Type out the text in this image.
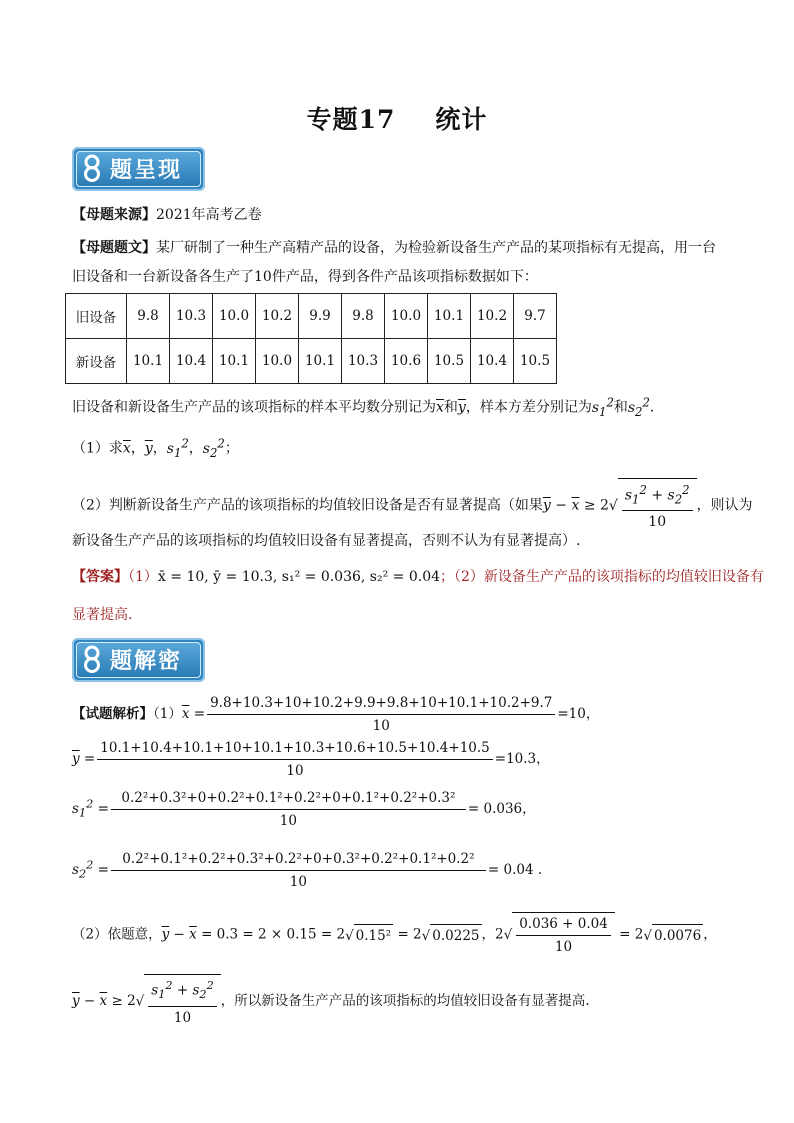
专题17 统计
题呈现
【母题来源】2021年高考乙卷
【母题题文】某厂研制了一种生产高精产品的设备，为检验新设备生产产品的某项指标有无提高，用一台
旧设备和一台新设备各生产了10件产品，得到各件产品该项指标数据如下：
旧设备	9.8	10.3	10.0	10.2	9.9	9.8	10.0	10.1	10.2	9.7
新设备	10.1	10.4	10.1	10.0	10.1	10.3	10.6	10.5	10.4	10.5
旧设备和新设备生产产品的该项指标的样本平均数分别记为$\overline{x}$和$\overline{y}$，样本方差分别记为$s_1^2$和$s_2^2$.
（1）求$\overline{x}$，$\overline{y}$，$s_1^2$，$s_2^2$；
（2）判断新设备生产产品的该项指标的均值较旧设备是否有显著提高（如果$\overline{y} - \overline{x} \ge 2√ \frac{s_1^2 + s_2^2}{10}$ ，则认为
新设备生产产品的该项指标的均值较旧设备有显著提高，否则不认为有显著提高）.
【答案】（1）x̄ = 10, ȳ = 10.3, s₁² = 0.036, s₂² = 0.04；（2）新设备生产产品的该项指标的均值较旧设备有
显著提高.
题解密
【试题解析】$(1)\overline{x} = \frac{9.8+10.3+10+10.2+9.9+9.8+10+10.1+10.2+9.7}{10} =10$，
$\overline{y} = \frac{10.1+10.4+10.1+10+10.1+10.3+10.6+10.5+10.4+10.5}{10} =10.3$，
$s_1^2 = \frac{\text{0.2²+0.3²+0+0.2²+0.1²+0.2²+0+0.1²+0.2²+0.3²}}{10} = 0.036$，
$s_2^2 = \frac{\text{0.2²+0.1²+0.2²+0.3²+0.2²+0+0.3²+0.2²+0.1²+0.2²}}{10} = 0.04$ .
（2）依题意，$\overline{y} - \overline{x} = 0.3 = 2 \times 0.15 = 2√$ 0.15² = 2√ 0.0225 ，$2√ \frac{0.036 + 0.04}{10} = 2√$ 0.0076 ，
$\overline{y} - \overline{x} \ge 2√ \frac{s_1^2 + s_2^2}{10}$ ，所以新设备生产产品的该项指标的均值较旧设备有显著提高.
